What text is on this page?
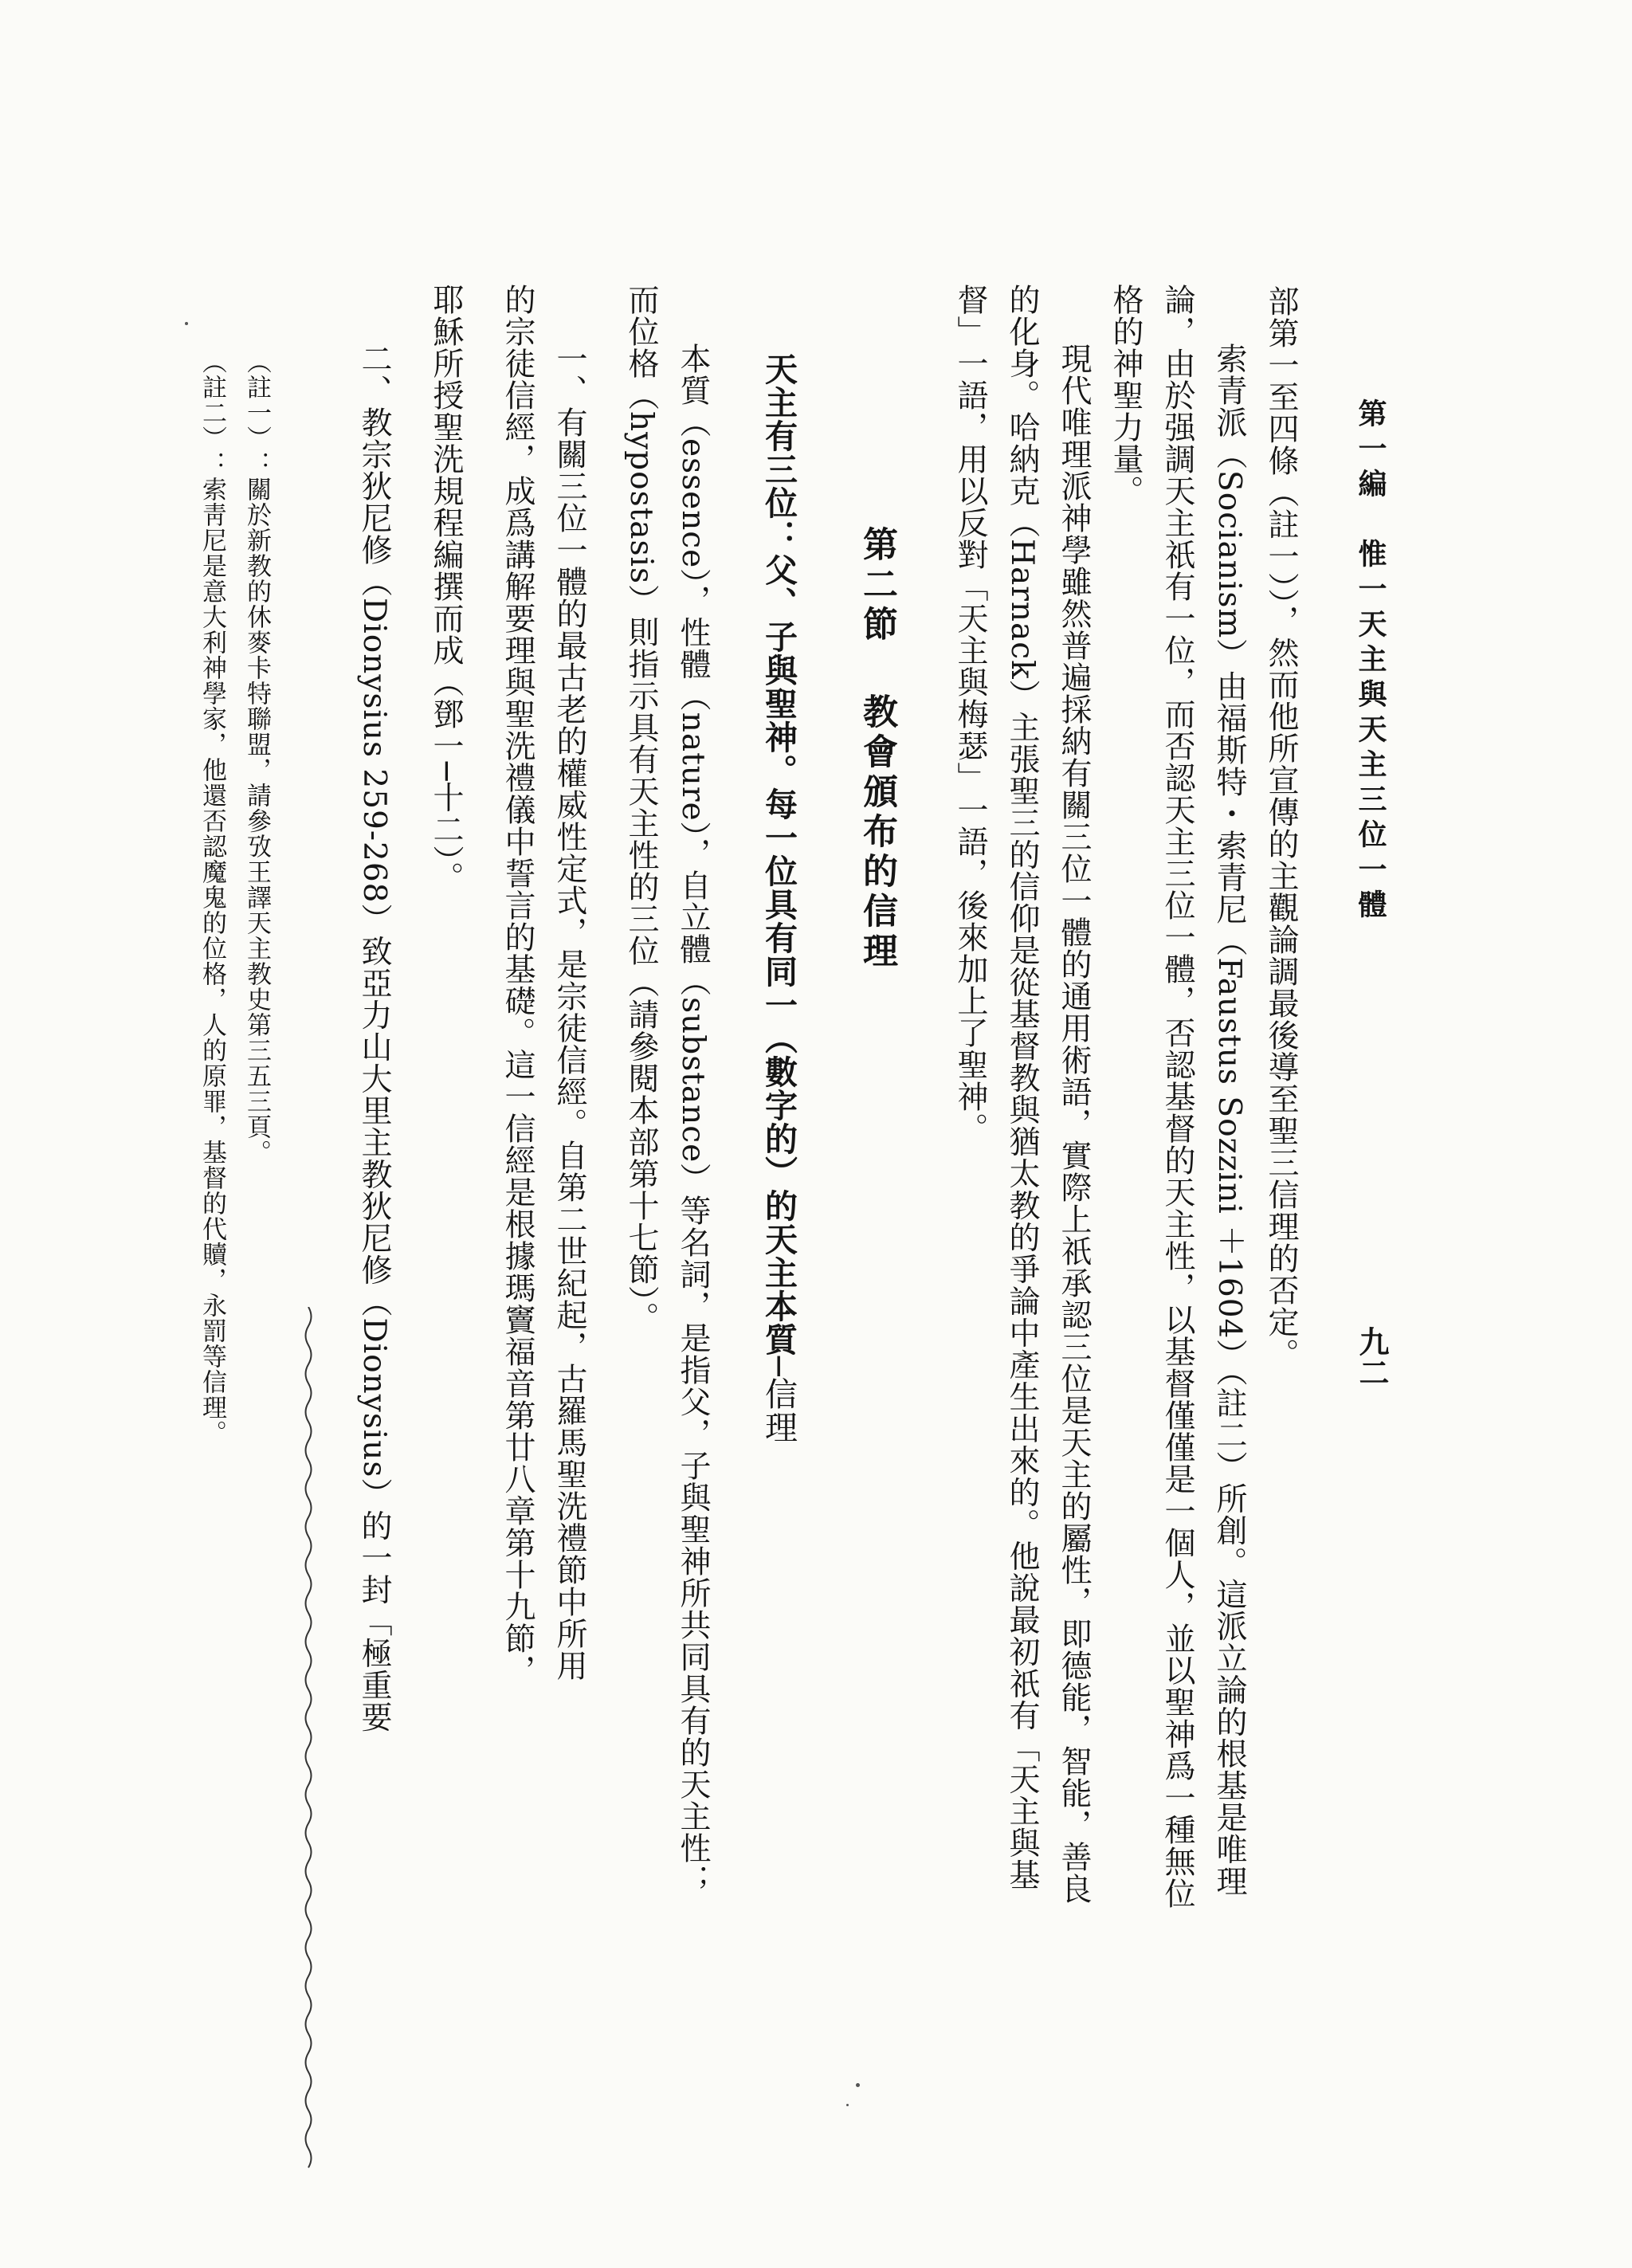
第一編　惟一天主與天主三位一體
九二
部第一至四條（註一）），然而他所宣傳的主觀論調最後導至聖三信理的否定。
索青派（Socianism）由福斯特・索青尼（Faustus Sozzini ＋1604）（註二）所創。這派立論的根基是唯理
論，由於强調天主祇有一位，而否認天主三位一體，否認基督的天主性，以基督僅僅是一個人，並以聖神爲一種無位
格的神聖力量。
現代唯理派神學雖然普遍採納有關三位一體的通用術語，實際上祇承認三位是天主的屬性，即德能，智能，善良
的化身。哈納克（Harnack）主張聖三的信仰是從基督教與猶太教的爭論中產生出來的。他說最初祇有「天主與基
督」一語，用以反對「天主與梅瑟」一語，後來加上了聖神。
第二節教會頒布的信理
天主有三位：父、子與聖神。每一位具有同一（數字的）的天主本質─信理
本質（essence），性體（nature），自立體（substance）等名詞，是指父，子與聖神所共同具有的天主性；
而位格（hypostasis）則指示具有天主性的三位（請參閱本部第十七節）。
一、有關三位一體的最古老的權威性定式，是宗徒信經。自第二世紀起，古羅馬聖洗禮節中所用
的宗徒信經，成爲講解要理與聖洗禮儀中誓言的基礎。這一信經是根據瑪竇福音第廿八章第十九節，
耶穌所授聖洗規程編撰而成（鄧一─十二）。
二、教宗狄尼修（Dionysius 259-268）致亞力山大里主教狄尼修（Dionysius）的一封「極重要
（註一）：關於新教的休麥卡特聯盟，請參攷王譯天主教史第三五三頁。
（註二）：索靑尼是意大利神學家，他還否認魔鬼的位格，人的原罪，基督的代贖，永罰等信理。
